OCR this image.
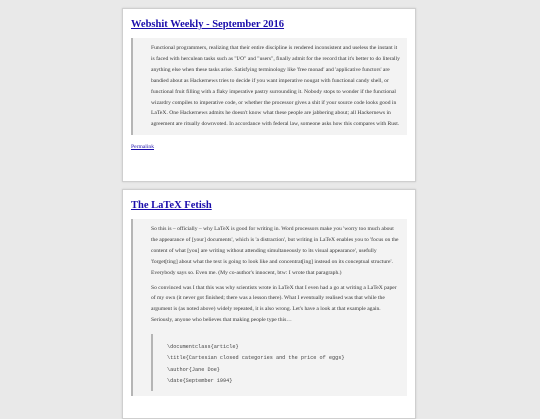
Webshit Weekly - September 2016

Functional programmers, realizing that their entire discipline is rendered inconsistent and useless the instant it is faced with herculean tasks such as "I/O" and "users", finally admit for the record that it's better to do literally anything else when these tasks arise. Satisfying terminology like 'free monad' and 'applicative functors' are bandied about as Hackernews tries to decide if you want imperative nougat with functional candy shell, or functional fruit filling with a flaky imperative pastry surrounding it. Nobody stops to wonder if the functional wizardry compiles to imperative code, or whether the processor gives a shit if your source code looks good in LaTeX. One Hackernews admits he doesn't know what these people are jabbering about; all Hackernews in agreement are ritually downvoted. In accordance with federal law, someone asks how this compares with Rust.

Permalink
The LaTeX Fetish

So this is – officially – why LaTeX is good for writing in. Word processors make you 'worry too much about the appearance of [your] documents', which is 'a distraction', but writing in LaTeX enables you to 'focus on the content of what [you] are writing without attending simultaneously to its visual appearance', usefully 'forget[ting] about what the text is going to look like and concentrat[ing] instead on its conceptual structure'. Everybody says so. Even me. (My co-author's innocent, btw: I wrote that paragraph.)

So convinced was I that this was why scientists wrote in LaTeX that I even had a go at writing a LaTeX paper of my own (it never got finished; there was a lesson there). What I eventually realised was that while the argument is (as noted above) widely repeated, it is also wrong. Let's have a look at that example again. Seriously, anyone who believes that making people type this…

\documentclass{article}
\title{Cartesian closed categories and the price of eggs}
\author{Jane Doe}
\date{September 1994}
